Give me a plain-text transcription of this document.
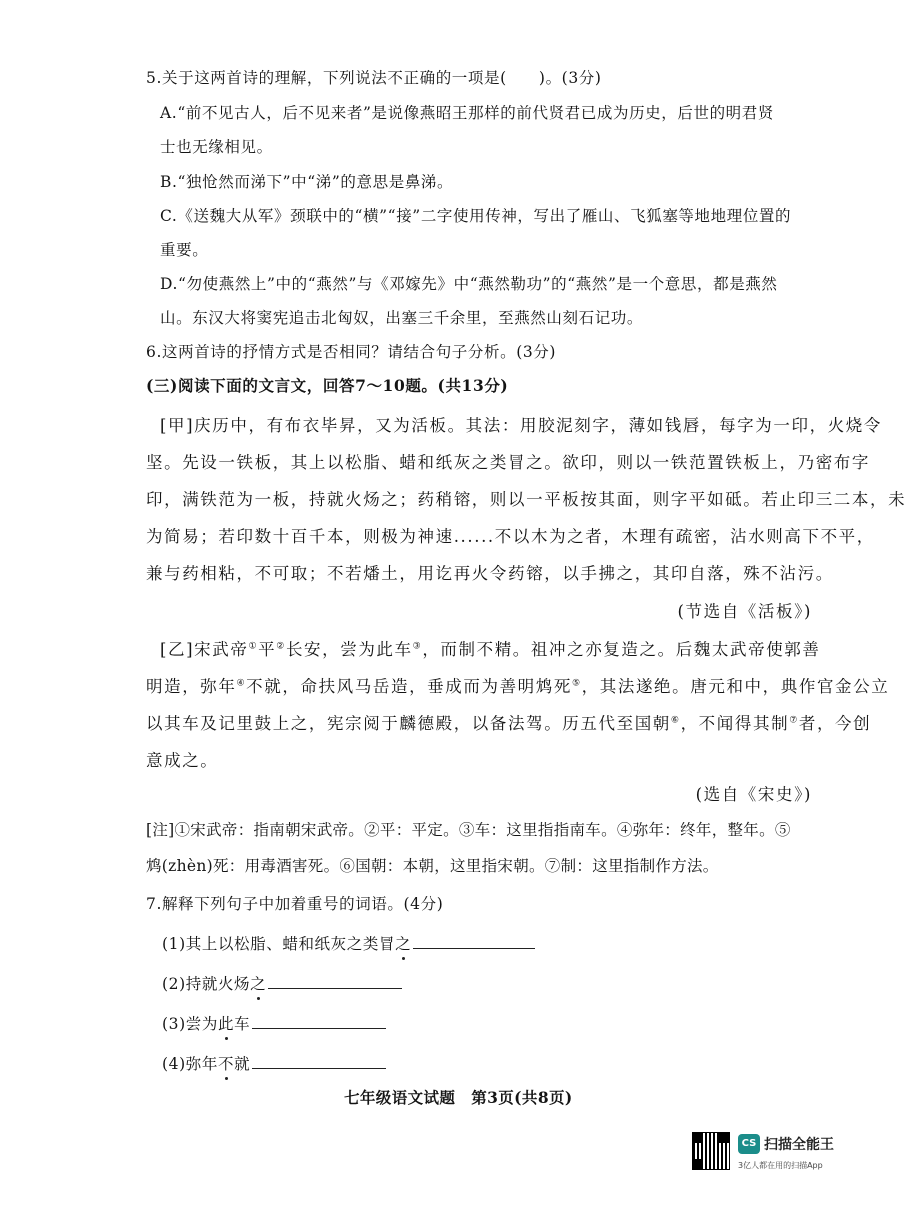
5.关于这两首诗的理解，下列说法不正确的一项是(　　)。(3分)
A.“前不见古人，后不见来者”是说像燕昭王那样的前代贤君已成为历史，后世的明君贤
士也无缘相见。
B.“独怆然而涕下”中“涕”的意思是鼻涕。
C.《送魏大从军》颈联中的“横”“接”二字使用传神，写出了雁山、飞狐塞等地地理位置的
重要。
D.“勿使燕然上”中的“燕然”与《邓嫁先》中“燕然勒功”的“燕然”是一个意思，都是燕然
山。东汉大将窦宪追击北匈奴，出塞三千余里，至燕然山刻石记功。
6.这两首诗的抒情方式是否相同？请结合句子分析。(3分)
(三)阅读下面的文言文，回答7～10题。(共13分)
[甲]庆历中，有布衣毕昇，又为活板。其法：用胶泥刻字，薄如钱唇，每字为一印，火烧令
坚。先设一铁板，其上以松脂、蜡和纸灰之类冒之。欲印，则以一铁范置铁板上，乃密布字
印，满铁范为一板，持就火炀之；药稍镕，则以一平板按其面，则字平如砥。若止印三二本，未
为简易；若印数十百千本，则极为神速......不以木为之者，木理有疏密，沾水则高下不平，
兼与药相粘，不可取；不若燔土，用讫再火令药镕，以手拂之，其印自落，殊不沾污。
(节选自《活板》)
[乙]宋武帝①平②长安，尝为此车③，而制不精。祖冲之亦复造之。后魏太武帝使郭善
明造，弥年④不就，命扶风马岳造，垂成而为善明鸩死⑤，其法遂绝。唐元和中，典作官金公立
以其车及记里鼓上之，宪宗阅于麟德殿，以备法驾。历五代至国朝⑥，不闻得其制⑦者，今创
意成之。
(选自《宋史》)
[注]①宋武帝：指南朝宋武帝。②平：平定。③车：这里指指南车。④弥年：终年，整年。⑤
鸩(zhèn)死：用毒酒害死。⑥国朝：本朝，这里指宋朝。⑦制：这里指制作方法。
7.解释下列句子中加着重号的词语。(4分)
(1)其上以松脂、蜡和纸灰之类冒之
(2)持就火炀之
(3)尝为此车
(4)弥年不就
七年级语文试题　第3页(共8页)
CS 扫描全能王
3亿人都在用的扫描App
